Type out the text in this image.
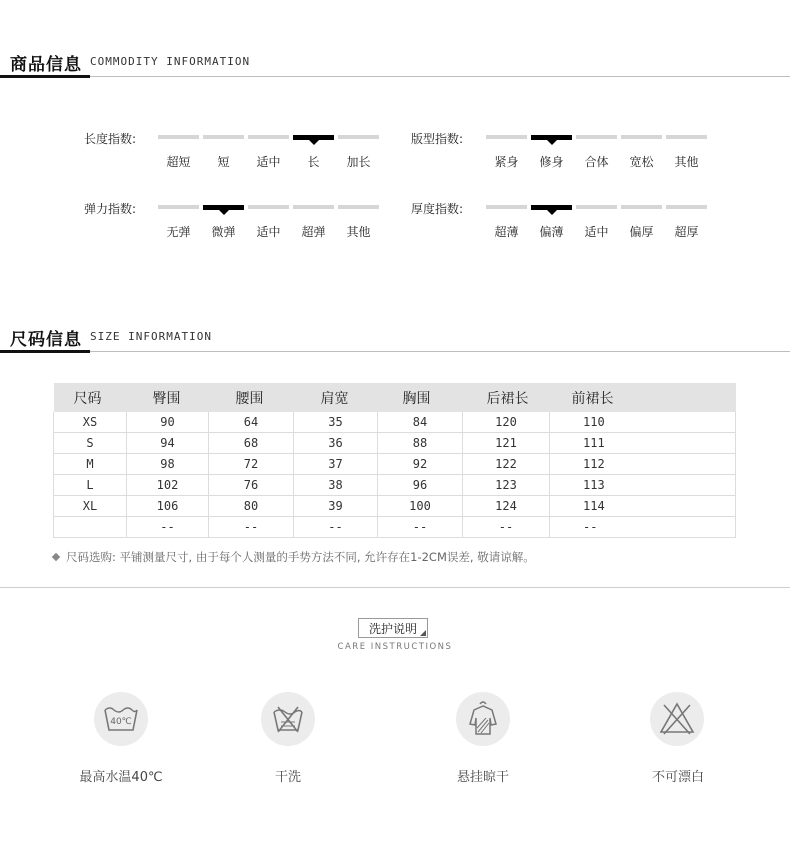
商品信息 COMMODITY INFORMATION
长度指数:
超短	短	适中	长	加长
版型指数:
紧身	修身	合体	宽松	其他
弹力指数:
无弹	微弹	适中	超弹	其他
厚度指数:
超薄	偏薄	适中	偏厚	超厚
尺码信息 SIZE INFORMATION
尺码	臀围	腰围	肩宽	胸围	后裙长	前裙长
XS	90	64	35	84	120	110
S	94	68	36	88	121	111
M	98	72	37	92	122	112
L	102	76	38	96	123	113
XL	106	80	39	100	124	114
	--	--	--	--	--	--
尺码选购: 平铺测量尺寸, 由于每个人测量的手势方法不同, 允许存在1-2CM误差, 敬请谅解。
洗护说明
CARE INSTRUCTIONS
40℃
最高水温40℃	干洗	悬挂晾干	不可漂白
